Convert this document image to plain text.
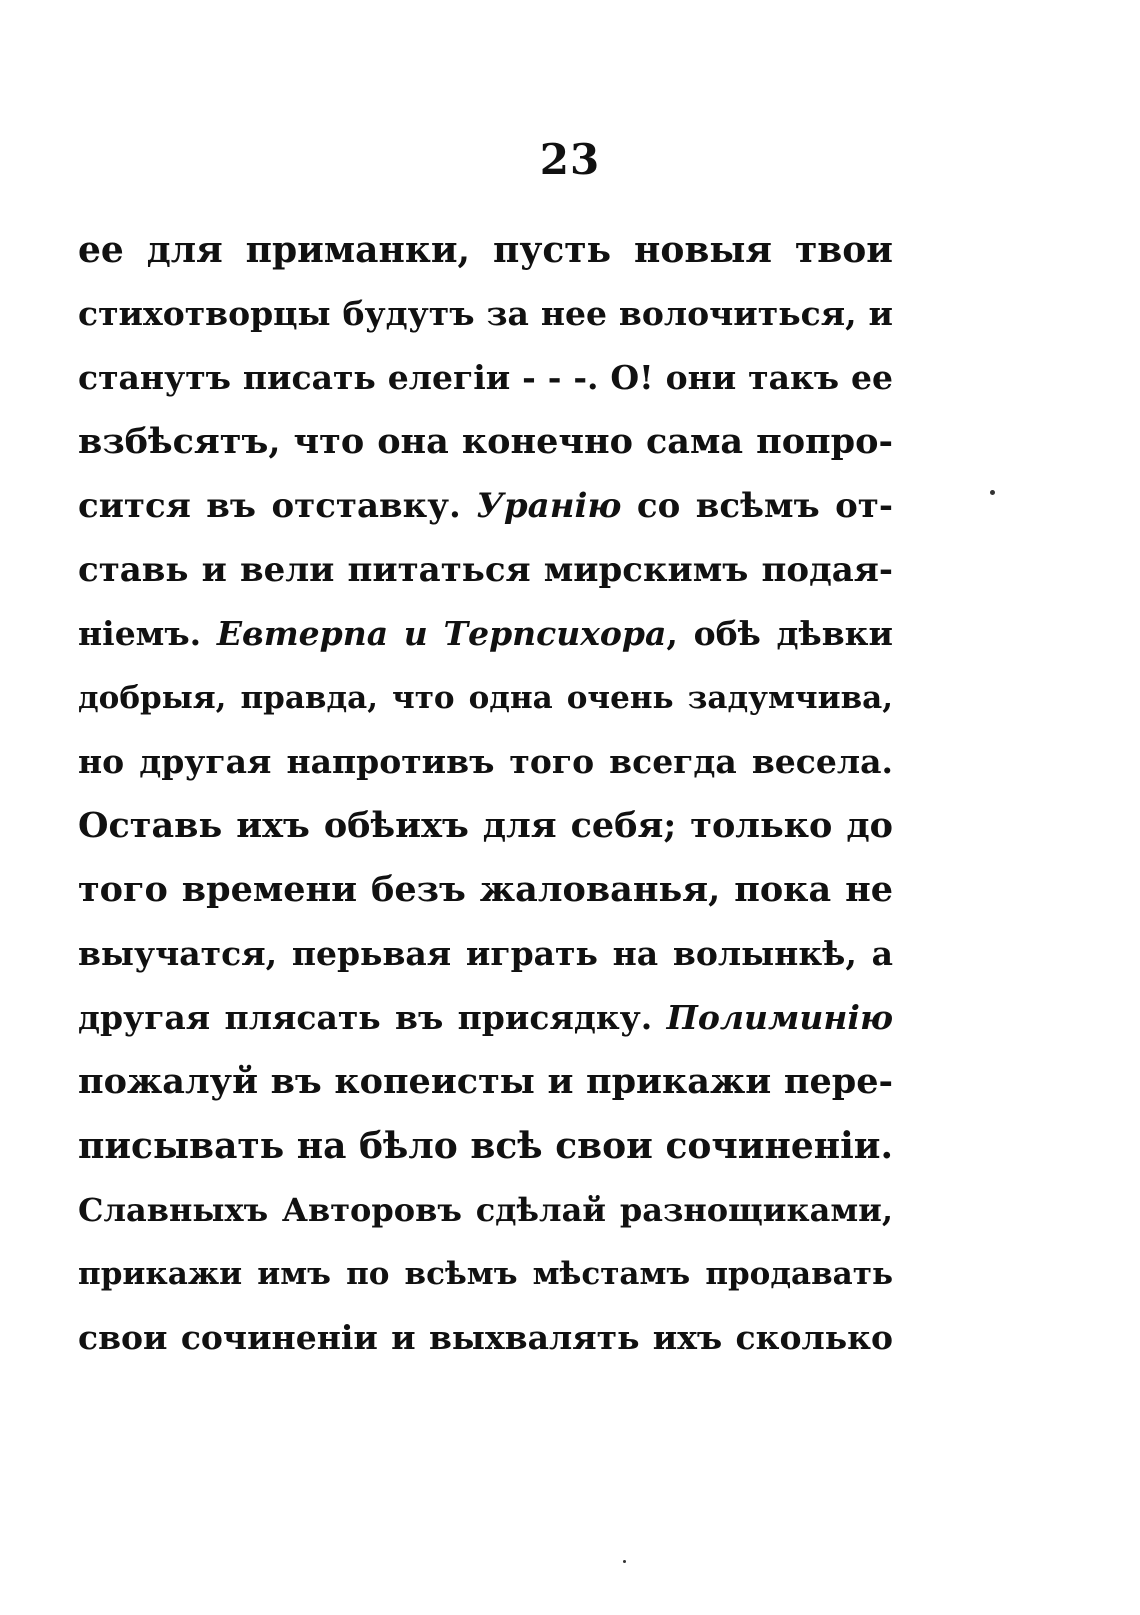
23
ее для приманки, пусть новыя твои
стихотворцы будутъ за нее волочиться, и
станутъ писать елегіи - - -. О! они такъ ее
взбѣсятъ, что она конечно сама попро-
сится въ отставку. Уранію со всѣмъ от-
ставь и вели питаться мирскимъ подая-
ніемъ. Евтерпа и Терпсихора, обѣ дѣвки
добрыя, правда, что одна очень задумчива,
но другая напротивъ того всегда весела.
Оставь ихъ обѣихъ для себя; только до
того времени безъ жалованья, пока не
выучатся, перьвая играть на волынкѣ, а
другая плясать въ присядку. Полиминію
пожалуй въ копеисты и прикажи пере-
писывать на бѣло всѣ свои сочиненіи.
Славныхъ Авторовъ сдѣлай разнощиками,
прикажи имъ по всѣмъ мѣстамъ продавать
свои сочиненіи и выхвалять ихъ сколько
